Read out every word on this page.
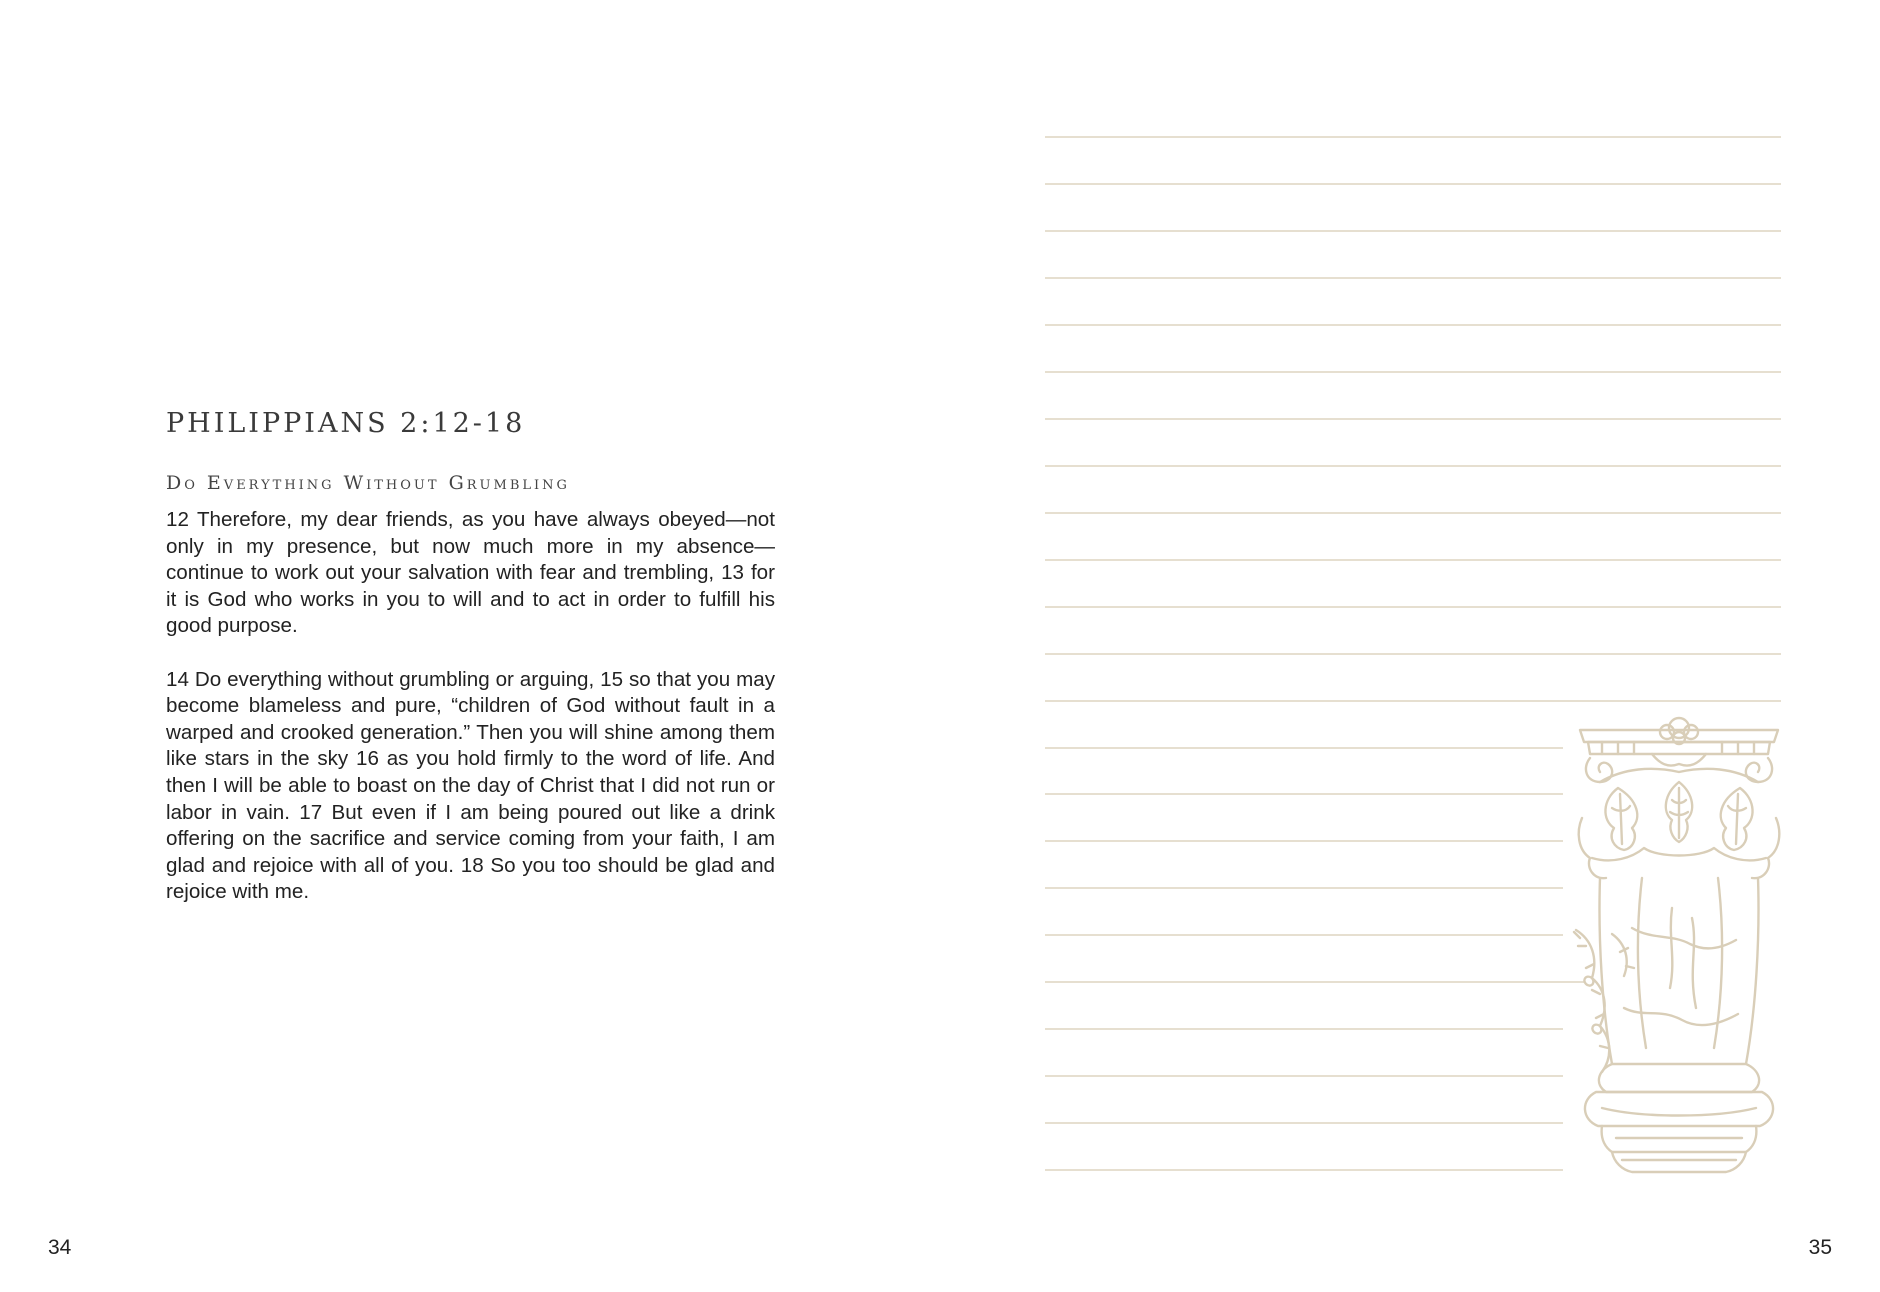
PHILIPPIANS 2:12-18
Do Everything Without Grumbling

12 Therefore, my dear friends, as you have always obeyed—not only in my presence, but now much more in my absence—continue to work out your salvation with fear and trembling, 13 for it is God who works in you to will and to act in order to fulfill his good purpose.

14 Do everything without grumbling or arguing, 15 so that you may become blameless and pure, “children of God without fault in a warped and crooked generation.” Then you will shine among them like stars in the sky 16 as you hold firmly to the word of life. And then I will be able to boast on the day of Christ that I did not run or labor in vain. 17 But even if I am being poured out like a drink offering on the sacrifice and service coming from your faith, I am glad and rejoice with all of you. 18 So you too should be glad and rejoice with me.

34	35
